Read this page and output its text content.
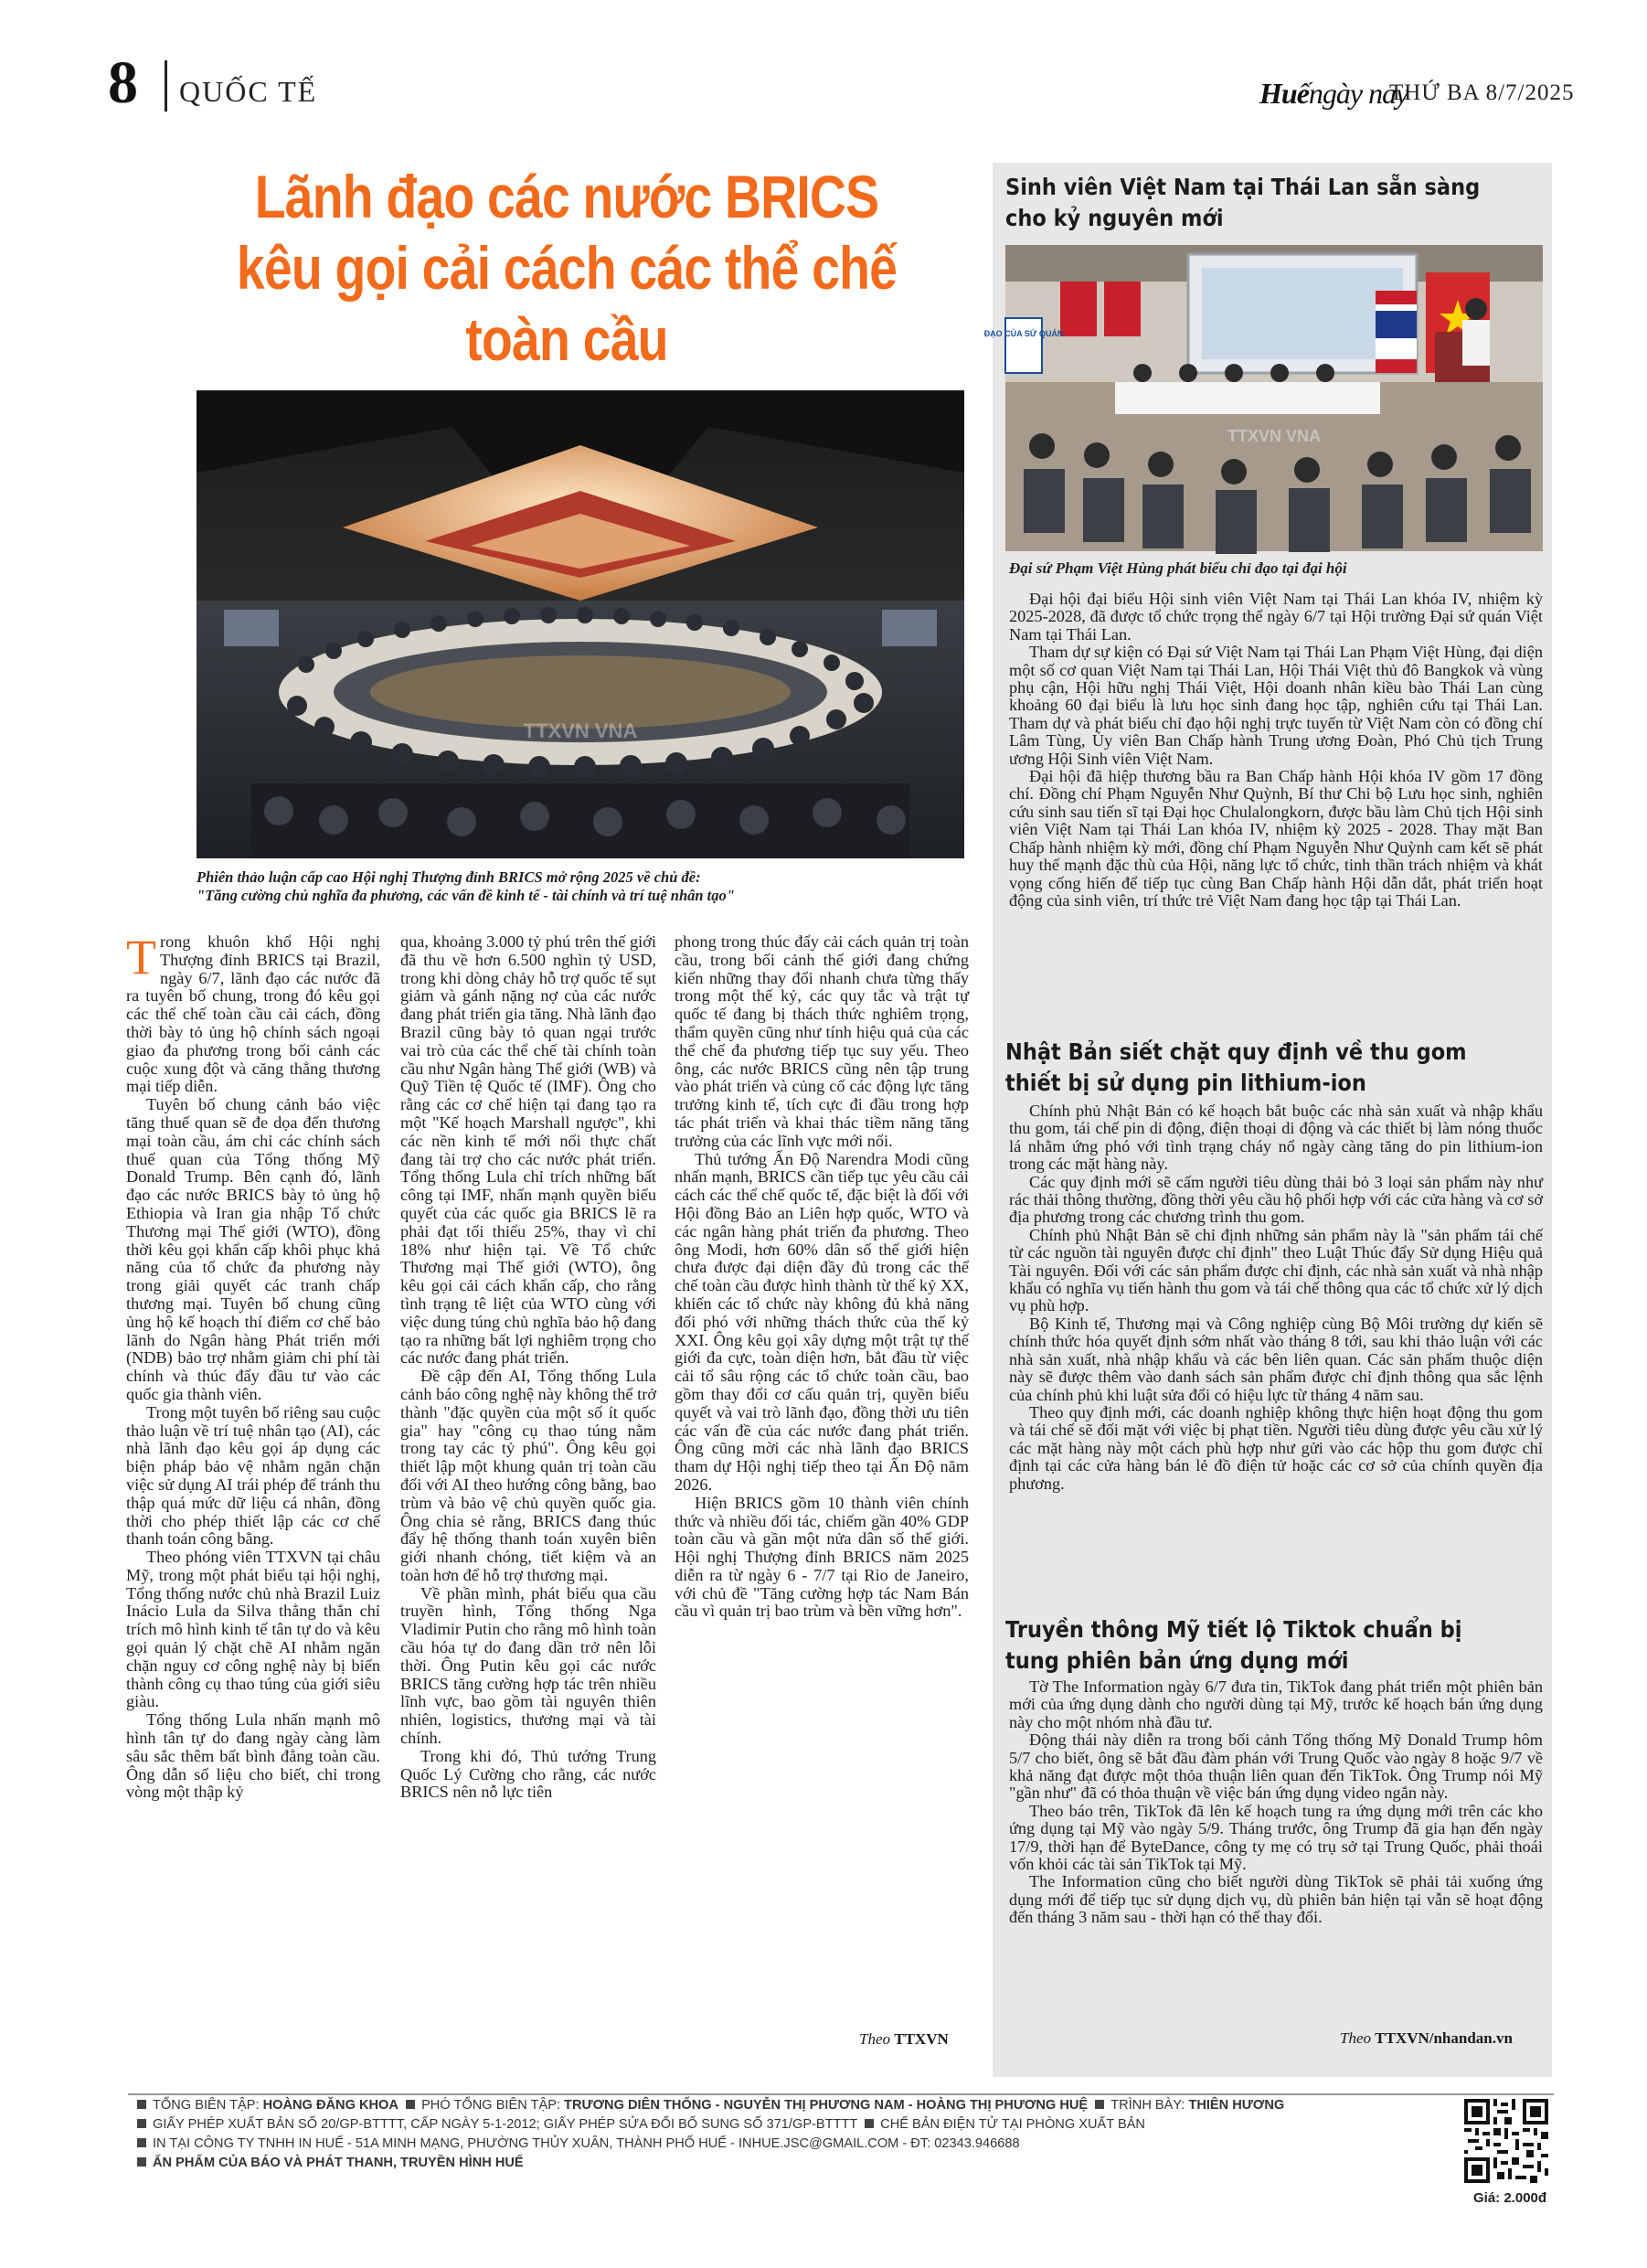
8 QUỐC TẾ	Huếngày nay
THỨ BA 8/7/2025
Lãnh đạo các nước BRICS
kêu gọi cải cách các thể chế toàn cầu
TTXVN VNA
Phiên thảo luận cấp cao Hội nghị Thượng đỉnh BRICS mở rộng 2025 về chủ đề:
"Tăng cường chủ nghĩa đa phương, các vấn đề kinh tế - tài chính và trí tuệ nhân tạo"

Trong khuôn khổ Hội nghị Thượng đỉnh BRICS tại Brazil, ngày 6/7, lãnh đạo các nước đã ra tuyên bố chung, trong đó kêu gọi các thể chế toàn cầu cải cách, đồng thời bày tỏ ủng hộ chính sách ngoại giao đa phương trong bối cảnh các cuộc xung đột và căng thẳng thương mại tiếp diễn.

Tuyên bố chung cảnh báo việc tăng thuế quan sẽ đe dọa đến thương mại toàn cầu, ám chỉ các chính sách thuế quan của Tổng thống Mỹ Donald Trump. Bên cạnh đó, lãnh đạo các nước BRICS bày tỏ ủng hộ Ethiopia và Iran gia nhập Tổ chức Thương mại Thế giới (WTO), đồng thời kêu gọi khẩn cấp khôi phục khả năng của tổ chức đa phương này trong giải quyết các tranh chấp thương mại. Tuyên bố chung cũng ủng hộ kế hoạch thí điểm cơ chế bảo lãnh do Ngân hàng Phát triển mới (NDB) bảo trợ nhằm giảm chi phí tài chính và thúc đẩy đầu tư vào các quốc gia thành viên.

Trong một tuyên bố riêng sau cuộc thảo luận về trí tuệ nhân tạo (AI), các nhà lãnh đạo kêu gọi áp dụng các biện pháp bảo vệ nhằm ngăn chặn việc sử dụng AI trái phép để tránh thu thập quá mức dữ liệu cá nhân, đồng thời cho phép thiết lập các cơ chế thanh toán công bằng.

Theo phóng viên TTXVN tại châu Mỹ, trong một phát biểu tại hội nghị, Tổng thống nước chủ nhà Brazil Luiz Inácio Lula da Silva thẳng thắn chỉ trích mô hình kinh tế tân tự do và kêu gọi quản lý chặt chẽ AI nhằm ngăn chặn nguy cơ công nghệ này bị biến thành công cụ thao túng của giới siêu giàu.

Tổng thống Lula nhấn mạnh mô hình tân tự do đang ngày càng làm sâu sắc thêm bất bình đẳng toàn cầu. Ông dẫn số liệu cho biết, chỉ trong vòng một thập kỷ

qua, khoảng 3.000 tỷ phú trên thế giới đã thu về hơn 6.500 nghìn tỷ USD, trong khi dòng chảy hỗ trợ quốc tế sụt giảm và gánh nặng nợ của các nước đang phát triển gia tăng. Nhà lãnh đạo Brazil cũng bày tỏ quan ngại trước vai trò của các thể chế tài chính toàn cầu như Ngân hàng Thế giới (WB) và Quỹ Tiền tệ Quốc tế (IMF). Ông cho rằng các cơ chế hiện tại đang tạo ra một "Kế hoạch Marshall ngược", khi các nền kinh tế mới nổi thực chất đang tài trợ cho các nước phát triển. Tổng thống Lula chỉ trích những bất công tại IMF, nhấn mạnh quyền biểu quyết của các quốc gia BRICS lẽ ra phải đạt tối thiểu 25%, thay vì chỉ 18% như hiện tại. Về Tổ chức Thương mại Thế giới (WTO), ông kêu gọi cải cách khẩn cấp, cho rằng tình trạng tê liệt của WTO cùng với việc dung túng chủ nghĩa bảo hộ đang tạo ra những bất lợi nghiêm trọng cho các nước đang phát triển.

Đề cập đến AI, Tổng thống Lula cảnh báo công nghệ này không thể trở thành "đặc quyền của một số ít quốc gia" hay "công cụ thao túng nằm trong tay các tỷ phú". Ông kêu gọi thiết lập một khung quản trị toàn cầu đối với AI theo hướng công bằng, bao trùm và bảo vệ chủ quyền quốc gia. Ông chia sẻ rằng, BRICS đang thúc đẩy hệ thống thanh toán xuyên biên giới nhanh chóng, tiết kiệm và an toàn hơn để hỗ trợ thương mại.

Về phần mình, phát biểu qua cầu truyền hình, Tổng thống Nga Vladimir Putin cho rằng mô hình toàn cầu hóa tự do đang dần trở nên lỗi thời. Ông Putin kêu gọi các nước BRICS tăng cường hợp tác trên nhiều lĩnh vực, bao gồm tài nguyên thiên nhiên, logistics, thương mại và tài chính.

Trong khi đó, Thủ tướng Trung Quốc Lý Cường cho rằng, các nước BRICS nên nỗ lực tiên

phong trong thúc đẩy cải cách quản trị toàn cầu, trong bối cảnh thế giới đang chứng kiến những thay đổi nhanh chưa từng thấy trong một thế kỷ, các quy tắc và trật tự quốc tế đang bị thách thức nghiêm trọng, thẩm quyền cũng như tính hiệu quả của các thể chế đa phương tiếp tục suy yếu. Theo ông, các nước BRICS cũng nên tập trung vào phát triển và củng cố các động lực tăng trưởng kinh tế, tích cực đi đầu trong hợp tác phát triển và khai thác tiềm năng tăng trưởng của các lĩnh vực mới nổi.

Thủ tướng Ấn Độ Narendra Modi cũng nhấn mạnh, BRICS cần tiếp tục yêu cầu cải cách các thể chế quốc tế, đặc biệt là đối với Hội đồng Bảo an Liên hợp quốc, WTO và các ngân hàng phát triển đa phương. Theo ông Modi, hơn 60% dân số thế giới hiện chưa được đại diện đầy đủ trong các thể chế toàn cầu được hình thành từ thế kỷ XX, khiến các tổ chức này không đủ khả năng đối phó với những thách thức của thế kỷ XXI. Ông kêu gọi xây dựng một trật tự thế giới đa cực, toàn diện hơn, bắt đầu từ việc cải tổ sâu rộng các tổ chức toàn cầu, bao gồm thay đổi cơ cấu quản trị, quyền biểu quyết và vai trò lãnh đạo, đồng thời ưu tiên các vấn đề của các nước đang phát triển. Ông cũng mời các nhà lãnh đạo BRICS tham dự Hội nghị tiếp theo tại Ấn Độ năm 2026.

Hiện BRICS gồm 10 thành viên chính thức và nhiều đối tác, chiếm gần 40% GDP toàn cầu và gần một nửa dân số thế giới. Hội nghị Thượng đỉnh BRICS năm 2025 diễn ra từ ngày 6 - 7/7 tại Rio de Janeiro, với chủ đề "Tăng cường hợp tác Nam Bán cầu vì quản trị bao trùm và bền vững hơn".

Theo TTXVN
Sinh viên Việt Nam tại Thái Lan sẵn sàng
cho kỷ nguyên mới
ĐẠO CỦA SỨ QUÁN
TTXVN VNA
Đại sứ Phạm Việt Hùng phát biểu chỉ đạo tại đại hội

Đại hội đại biểu Hội sinh viên Việt Nam tại Thái Lan khóa IV, nhiệm kỳ 2025-2028, đã được tổ chức trọng thể ngày 6/7 tại Hội trường Đại sứ quán Việt Nam tại Thái Lan.

Tham dự sự kiện có Đại sứ Việt Nam tại Thái Lan Phạm Việt Hùng, đại diện một số cơ quan Việt Nam tại Thái Lan, Hội Thái Việt thủ đô Bangkok và vùng phụ cận, Hội hữu nghị Thái Việt, Hội doanh nhân kiều bào Thái Lan cùng khoảng 60 đại biểu là lưu học sinh đang học tập, nghiên cứu tại Thái Lan. Tham dự và phát biểu chỉ đạo hội nghị trực tuyến từ Việt Nam còn có đồng chí Lâm Tùng, Ủy viên Ban Chấp hành Trung ương Đoàn, Phó Chủ tịch Trung ương Hội Sinh viên Việt Nam.

Đại hội đã hiệp thương bầu ra Ban Chấp hành Hội khóa IV gồm 17 đồng chí. Đồng chí Phạm Nguyễn Như Quỳnh, Bí thư Chi bộ Lưu học sinh, nghiên cứu sinh sau tiến sĩ tại Đại học Chulalongkorn, được bầu làm Chủ tịch Hội sinh viên Việt Nam tại Thái Lan khóa IV, nhiệm kỳ 2025 - 2028. Thay mặt Ban Chấp hành nhiệm kỳ mới, đồng chí Phạm Nguyễn Như Quỳnh cam kết sẽ phát huy thế mạnh đặc thù của Hội, năng lực tổ chức, tinh thần trách nhiệm và khát vọng cống hiến để tiếp tục cùng Ban Chấp hành Hội dẫn dắt, phát triển hoạt động của sinh viên, trí thức trẻ Việt Nam đang học tập tại Thái Lan.

Nhật Bản siết chặt quy định về thu gom
thiết bị sử dụng pin lithium-ion

Chính phủ Nhật Bản có kế hoạch bắt buộc các nhà sản xuất và nhập khẩu thu gom, tái chế pin di động, điện thoại di động và các thiết bị làm nóng thuốc lá nhằm ứng phó với tình trạng cháy nổ ngày càng tăng do pin lithium-ion trong các mặt hàng này.

Các quy định mới sẽ cấm người tiêu dùng thải bỏ 3 loại sản phẩm này như rác thải thông thường, đồng thời yêu cầu hộ phối hợp với các cửa hàng và cơ sở địa phương trong các chương trình thu gom.

Chính phủ Nhật Bản sẽ chỉ định những sản phẩm này là "sản phẩm tái chế từ các nguồn tài nguyên được chỉ định" theo Luật Thúc đẩy Sử dụng Hiệu quả Tài nguyên. Đối với các sản phẩm được chỉ định, các nhà sản xuất và nhà nhập khẩu có nghĩa vụ tiến hành thu gom và tái chế thông qua các tổ chức xử lý dịch vụ phù hợp.

Bộ Kinh tế, Thương mại và Công nghiệp cùng Bộ Môi trường dự kiến sẽ chính thức hóa quyết định sớm nhất vào tháng 8 tới, sau khi thảo luận với các nhà sản xuất, nhà nhập khẩu và các bên liên quan. Các sản phẩm thuộc diện này sẽ được thêm vào danh sách sản phẩm được chỉ định thông qua sắc lệnh của chính phủ khi luật sửa đổi có hiệu lực từ tháng 4 năm sau.

Theo quy định mới, các doanh nghiệp không thực hiện hoạt động thu gom và tái chế sẽ đối mặt với việc bị phạt tiền. Người tiêu dùng được yêu cầu xử lý các mặt hàng này một cách phù hợp như gửi vào các hộp thu gom được chỉ định tại các cửa hàng bán lẻ đồ điện tử hoặc các cơ sở của chính quyền địa phương.

Truyền thông Mỹ tiết lộ Tiktok chuẩn bị
tung phiên bản ứng dụng mới

Tờ The Information ngày 6/7 đưa tin, TikTok đang phát triển một phiên bản mới của ứng dụng dành cho người dùng tại Mỹ, trước kế hoạch bán ứng dụng này cho một nhóm nhà đầu tư.

Động thái này diễn ra trong bối cảnh Tổng thống Mỹ Donald Trump hôm 5/7 cho biết, ông sẽ bắt đầu đàm phán với Trung Quốc vào ngày 8 hoặc 9/7 về khả năng đạt được một thỏa thuận liên quan đến TikTok. Ông Trump nói Mỹ "gần như" đã có thỏa thuận về việc bán ứng dụng video ngắn này.

Theo báo trên, TikTok đã lên kế hoạch tung ra ứng dụng mới trên các kho ứng dụng tại Mỹ vào ngày 5/9. Tháng trước, ông Trump đã gia hạn đến ngày 17/9, thời hạn để ByteDance, công ty mẹ có trụ sở tại Trung Quốc, phải thoái vốn khỏi các tài sản TikTok tại Mỹ.

The Information cũng cho biết người dùng TikTok sẽ phải tải xuống ứng dụng mới để tiếp tục sử dụng dịch vụ, dù phiên bản hiện tại vẫn sẽ hoạt động đến tháng 3 năm sau - thời hạn có thể thay đổi.

Theo TTXVN/nhandan.vn
TỔNG BIÊN TẬP: HOÀNG ĐĂNG KHOA PHÓ TỔNG BIÊN TẬP: TRƯƠNG DIÊN THỐNG - NGUYỄN THỊ PHƯƠNG NAM - HOÀNG THỊ PHƯƠNG HUỆ TRÌNH BÀY: THIÊN HƯƠNG
GIẤY PHÉP XUẤT BẢN SỐ 20/GP-BTTTT, CẤP NGÀY 5-1-2012; GIẤY PHÉP SỬA ĐỔI BỔ SUNG SỐ 371/GP-BTTTT CHẾ BẢN ĐIỆN TỬ TẠI PHÒNG XUẤT BẢN
IN TẠI CÔNG TY TNHH IN HUẾ - 51A MINH MẠNG, PHƯỜNG THỦY XUÂN, THÀNH PHỐ HUẾ - INHUE.JSC@GMAIL.COM - ĐT: 02343.946688
ẤN PHẨM CỦA BÁO VÀ PHÁT THANH, TRUYỀN HÌNH HUẾ
Giá: 2.000đ
